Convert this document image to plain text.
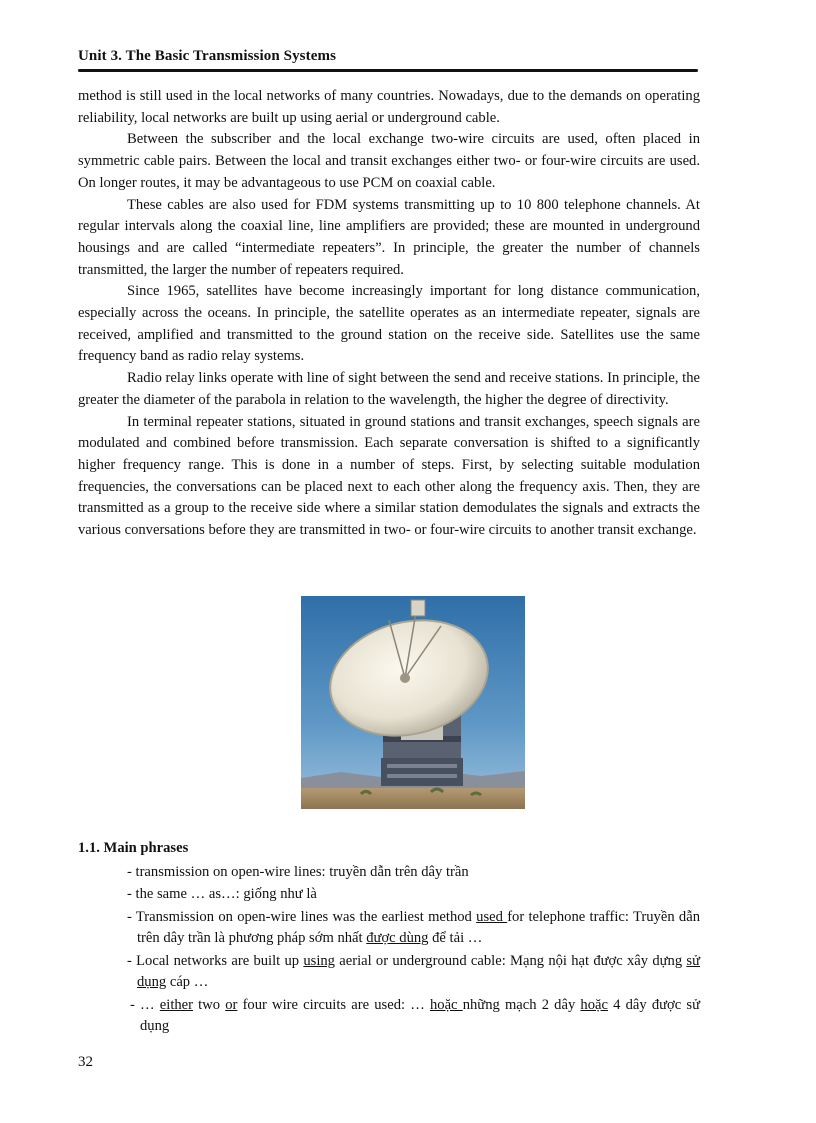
Unit 3. The Basic Transmission Systems

method is still used in the local networks of many countries. Nowadays, due to the demands on operating reliability, local networks are built up using aerial or underground cable.

Between the subscriber and the local exchange two-wire circuits are used, often placed in symmetric cable pairs. Between the local and transit exchanges either two- or four-wire circuits are used. On longer routes, it may be advantageous to use PCM on coaxial cable.

These cables are also used for FDM systems transmitting up to 10 800 telephone channels. At regular intervals along the coaxial line, line amplifiers are provided; these are mounted in underground housings and are called “intermediate repeaters”. In principle, the greater the number of channels transmitted, the larger the number of repeaters required.

Since 1965, satellites have become increasingly important for long distance communication, especially across the oceans. In principle, the satellite operates as an intermediate repeater, signals are received, amplified and transmitted to the ground station on the receive side. Satellites use the same frequency band as radio relay systems.

Radio relay links operate with line of sight between the send and receive stations. In principle, the greater the diameter of the parabola in relation to the wavelength, the higher the degree of directivity.

In terminal repeater stations, situated in ground stations and transit exchanges, speech signals are modulated and combined before transmission. Each separate conversation is shifted to a significantly higher frequency range. This is done in a number of steps. First, by selecting suitable modulation frequencies, the conversations can be placed next to each other along the frequency axis. Then, they are transmitted as a group to the receive side where a similar station demodulates the signals and extracts the various conversations before they are transmitted in two- or four-wire circuits to another transit exchange.

1.1. Main phrases
- transmission on open-wire lines: truyền dẫn trên dây trần
- the same … as…: giống như là
- Transmission on open-wire lines was the earliest method used for telephone traffic: Truyền dẫn trên dây trần là phương pháp sớm nhất được dùng để tải …
- Local networks are built up using aerial or underground cable: Mạng nội hạt được xây dựng sử dụng cáp …
- … either two or four wire circuits are used: … hoặc những mạch 2 dây hoặc 4 dây được sử dụng
32
